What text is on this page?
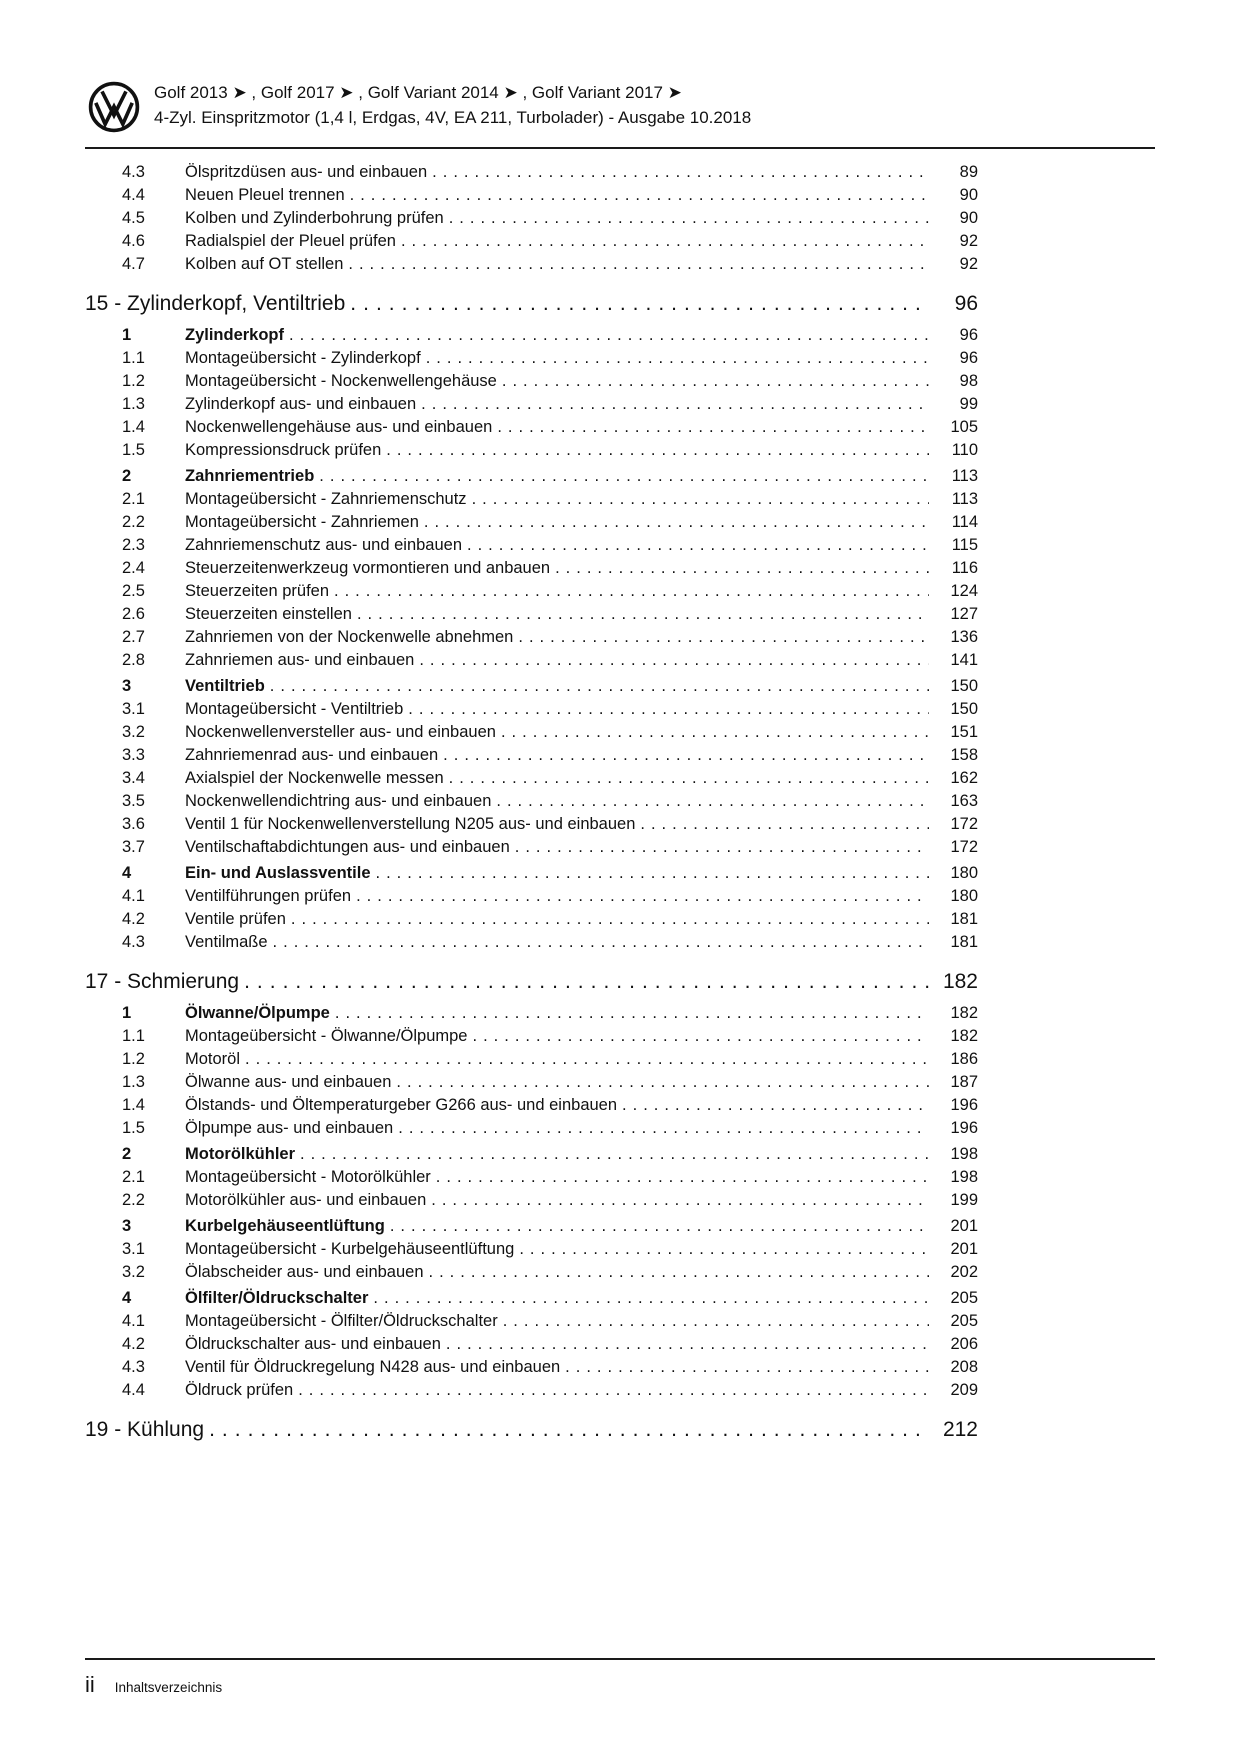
Golf 2013 ➤ , Golf 2017 ➤ , Golf Variant 2014 ➤ , Golf Variant 2017 ➤
4-Zyl. Einspritzmotor (1,4 l, Erdgas, 4V, EA 211, Turbolader) - Ausgabe 10.2018
4.3	Ölspritzdüsen aus- und einbauen .....	89
4.4	Neuen Pleuel trennen .....	90
4.5	Kolben und Zylinderbohrung prüfen .....	90
4.6	Radialspiel der Pleuel prüfen .....	92
4.7	Kolben auf OT stellen .....	92
15 - Zylinderkopf, Ventiltrieb .....	96
1	Zylinderkopf .....	96
1.1	Montageübersicht - Zylinderkopf .....	96
1.2	Montageübersicht - Nockenwellengehäuse .....	98
1.3	Zylinderkopf aus- und einbauen .....	99
1.4	Nockenwellengehäuse aus- und einbauen .....	105
1.5	Kompressionsdruck prüfen .....	110
2	Zahnriementrieb .....	113
2.1	Montageübersicht - Zahnriemenschutz .....	113
2.2	Montageübersicht - Zahnriemen .....	114
2.3	Zahnriemenschutz aus- und einbauen .....	115
2.4	Steuerzeitenwerkzeug vormontieren und anbauen .....	116
2.5	Steuerzeiten prüfen .....	124
2.6	Steuerzeiten einstellen .....	127
2.7	Zahnriemen von der Nockenwelle abnehmen .....	136
2.8	Zahnriemen aus- und einbauen .....	141
3	Ventiltrieb .....	150
3.1	Montageübersicht - Ventiltrieb .....	150
3.2	Nockenwellenversteller aus- und einbauen .....	151
3.3	Zahnriemenrad aus- und einbauen .....	158
3.4	Axialspiel der Nockenwelle messen .....	162
3.5	Nockenwellendichtring aus- und einbauen .....	163
3.6	Ventil 1 für Nockenwellenverstellung N205 aus- und einbauen .....	172
3.7	Ventilschaftabdichtungen aus- und einbauen .....	172
4	Ein- und Auslassventile .....	180
4.1	Ventilführungen prüfen .....	180
4.2	Ventile prüfen .....	181
4.3	Ventilmaße .....	181
17 - Schmierung .....	182
1	Ölwanne/Ölpumpe .....	182
1.1	Montageübersicht - Ölwanne/Ölpumpe .....	182
1.2	Motoröl .....	186
1.3	Ölwanne aus- und einbauen .....	187
1.4	Ölstands- und Öltemperaturgeber G266 aus- und einbauen .....	196
1.5	Ölpumpe aus- und einbauen .....	196
2	Motorölkühler .....	198
2.1	Montageübersicht - Motorölkühler .....	198
2.2	Motorölkühler aus- und einbauen .....	199
3	Kurbelgehäuseentlüftung .....	201
3.1	Montageübersicht - Kurbelgehäuseentlüftung .....	201
3.2	Ölabscheider aus- und einbauen .....	202
4	Ölfilter/Öldruckschalter .....	205
4.1	Montageübersicht - Ölfilter/Öldruckschalter .....	205
4.2	Öldruckschalter aus- und einbauen .....	206
4.3	Ventil für Öldruckregelung N428 aus- und einbauen .....	208
4.4	Öldruck prüfen .....	209
19 - Kühlung .....	212
ii Inhaltsverzeichnis
